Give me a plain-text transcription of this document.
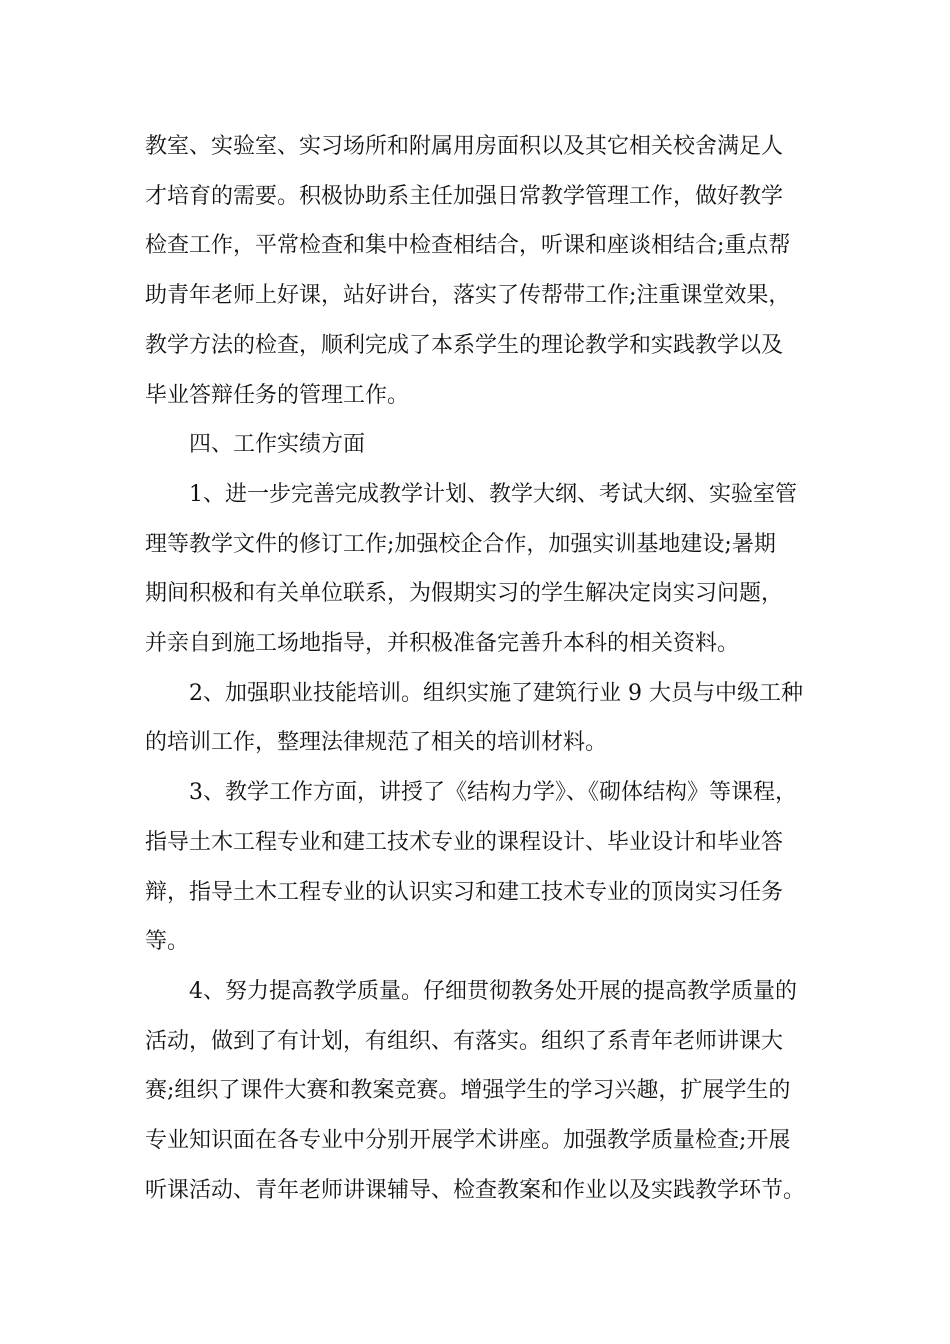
教室、实验室、实习场所和附属用房面积以及其它相关校舍满足人
才培育的需要。积极协助系主任加强日常教学管理工作，做好教学
检查工作，平常检查和集中检查相结合，听课和座谈相结合;重点帮
助青年老师上好课，站好讲台，落实了传帮带工作;注重课堂效果，
教学方法的检查，顺利完成了本系学生的理论教学和实践教学以及
毕业答辩任务的管理工作。

四、工作实绩方面

1、进一步完善完成教学计划、教学大纲、考试大纲、实验室管
理等教学文件的修订工作;加强校企合作，加强实训基地建设;暑期
期间积极和有关单位联系，为假期实习的学生解决定岗实习问题，
并亲自到施工场地指导，并积极准备完善升本科的相关资料。

2、加强职业技能培训。组织实施了建筑行业 9 大员与中级工种
的培训工作，整理法律规范了相关的培训材料。

3、教学工作方面，讲授了《结构力学》、《砌体结构》等课程，
指导土木工程专业和建工技术专业的课程设计、毕业设计和毕业答
辩，指导土木工程专业的认识实习和建工技术专业的顶岗实习任务
等。

4、努力提高教学质量。仔细贯彻教务处开展的提高教学质量的
活动，做到了有计划，有组织、有落实。组织了系青年老师讲课大
赛;组织了课件大赛和教案竞赛。增强学生的学习兴趣，扩展学生的
专业知识面在各专业中分别开展学术讲座。加强教学质量检查;开展
听课活动、青年老师讲课辅导、检查教案和作业以及实践教学环节。
